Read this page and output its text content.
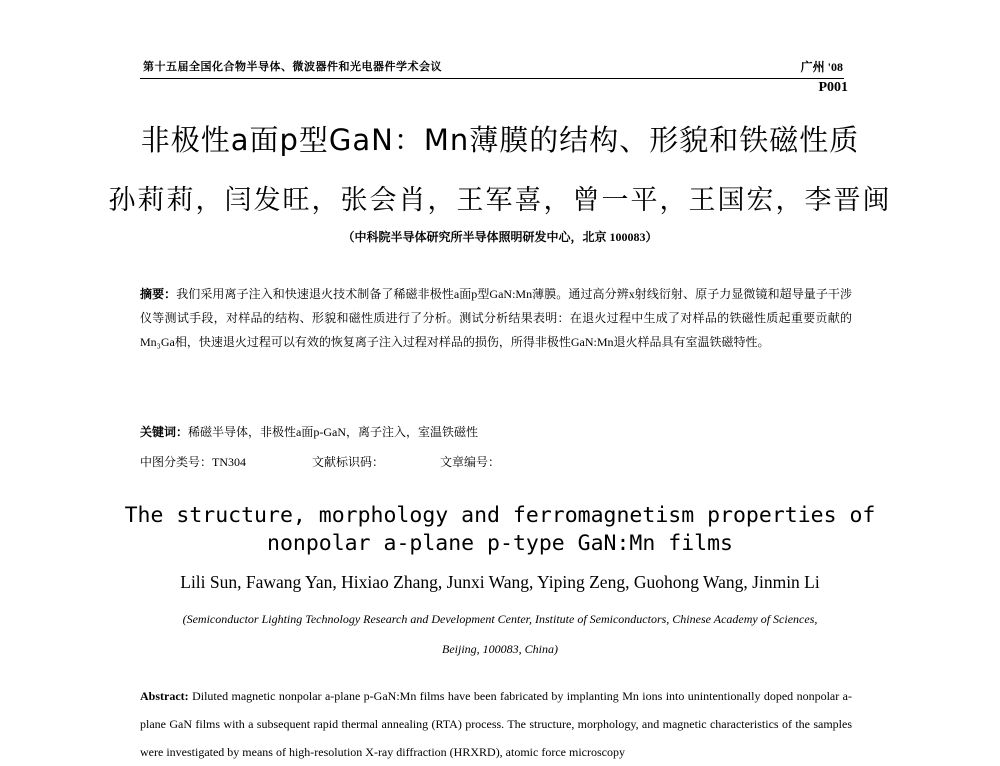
第十五届全国化合物半导体、微波器件和光电器件学术会议	广州 '08
P001
非极性a面p型GaN：Mn薄膜的结构、形貌和铁磁性质
孙莉莉，闫发旺，张会肖，王军喜，曾一平，王国宏，李晋闽
（中科院半导体研究所半导体照明研发中心，北京 100083）
摘要：我们采用离子注入和快速退火技术制备了稀磁非极性a面p型GaN:Mn薄膜。通过高分辨x射线衍射、原子力显微镜和超导量子干涉仪等测试手段，对样品的结构、形貌和磁性质进行了分析。测试分析结果表明：在退火过程中生成了对样品的铁磁性质起重要贡献的Mn₃Ga相，快速退火过程可以有效的恢复离子注入过程对样品的损伤，所得非极性GaN:Mn退火样品具有室温铁磁特性。
关键词：稀磁半导体，非极性a面p-GaN，离子注入，室温铁磁性
中图分类号：TN304	文献标识码：	文章编号：
The structure, morphology and ferromagnetism properties of
nonpolar a-plane p-type GaN:Mn films
Lili Sun, Fawang Yan, Hixiao Zhang, Junxi Wang, Yiping Zeng, Guohong Wang, Jinmin Li
(Semiconductor Lighting Technology Research and Development Center, Institute of Semiconductors, Chinese Academy of Sciences,
Beijing, 100083, China)
Abstract: Diluted magnetic nonpolar a-plane p-GaN:Mn films have been fabricated by implanting Mn ions into unintentionally doped nonpolar a-plane GaN films with a subsequent rapid thermal annealing (RTA) process. The structure, morphology, and magnetic characteristics of the samples were investigated by means of high-resolution X-ray diffraction (HRXRD), atomic force microscopy
